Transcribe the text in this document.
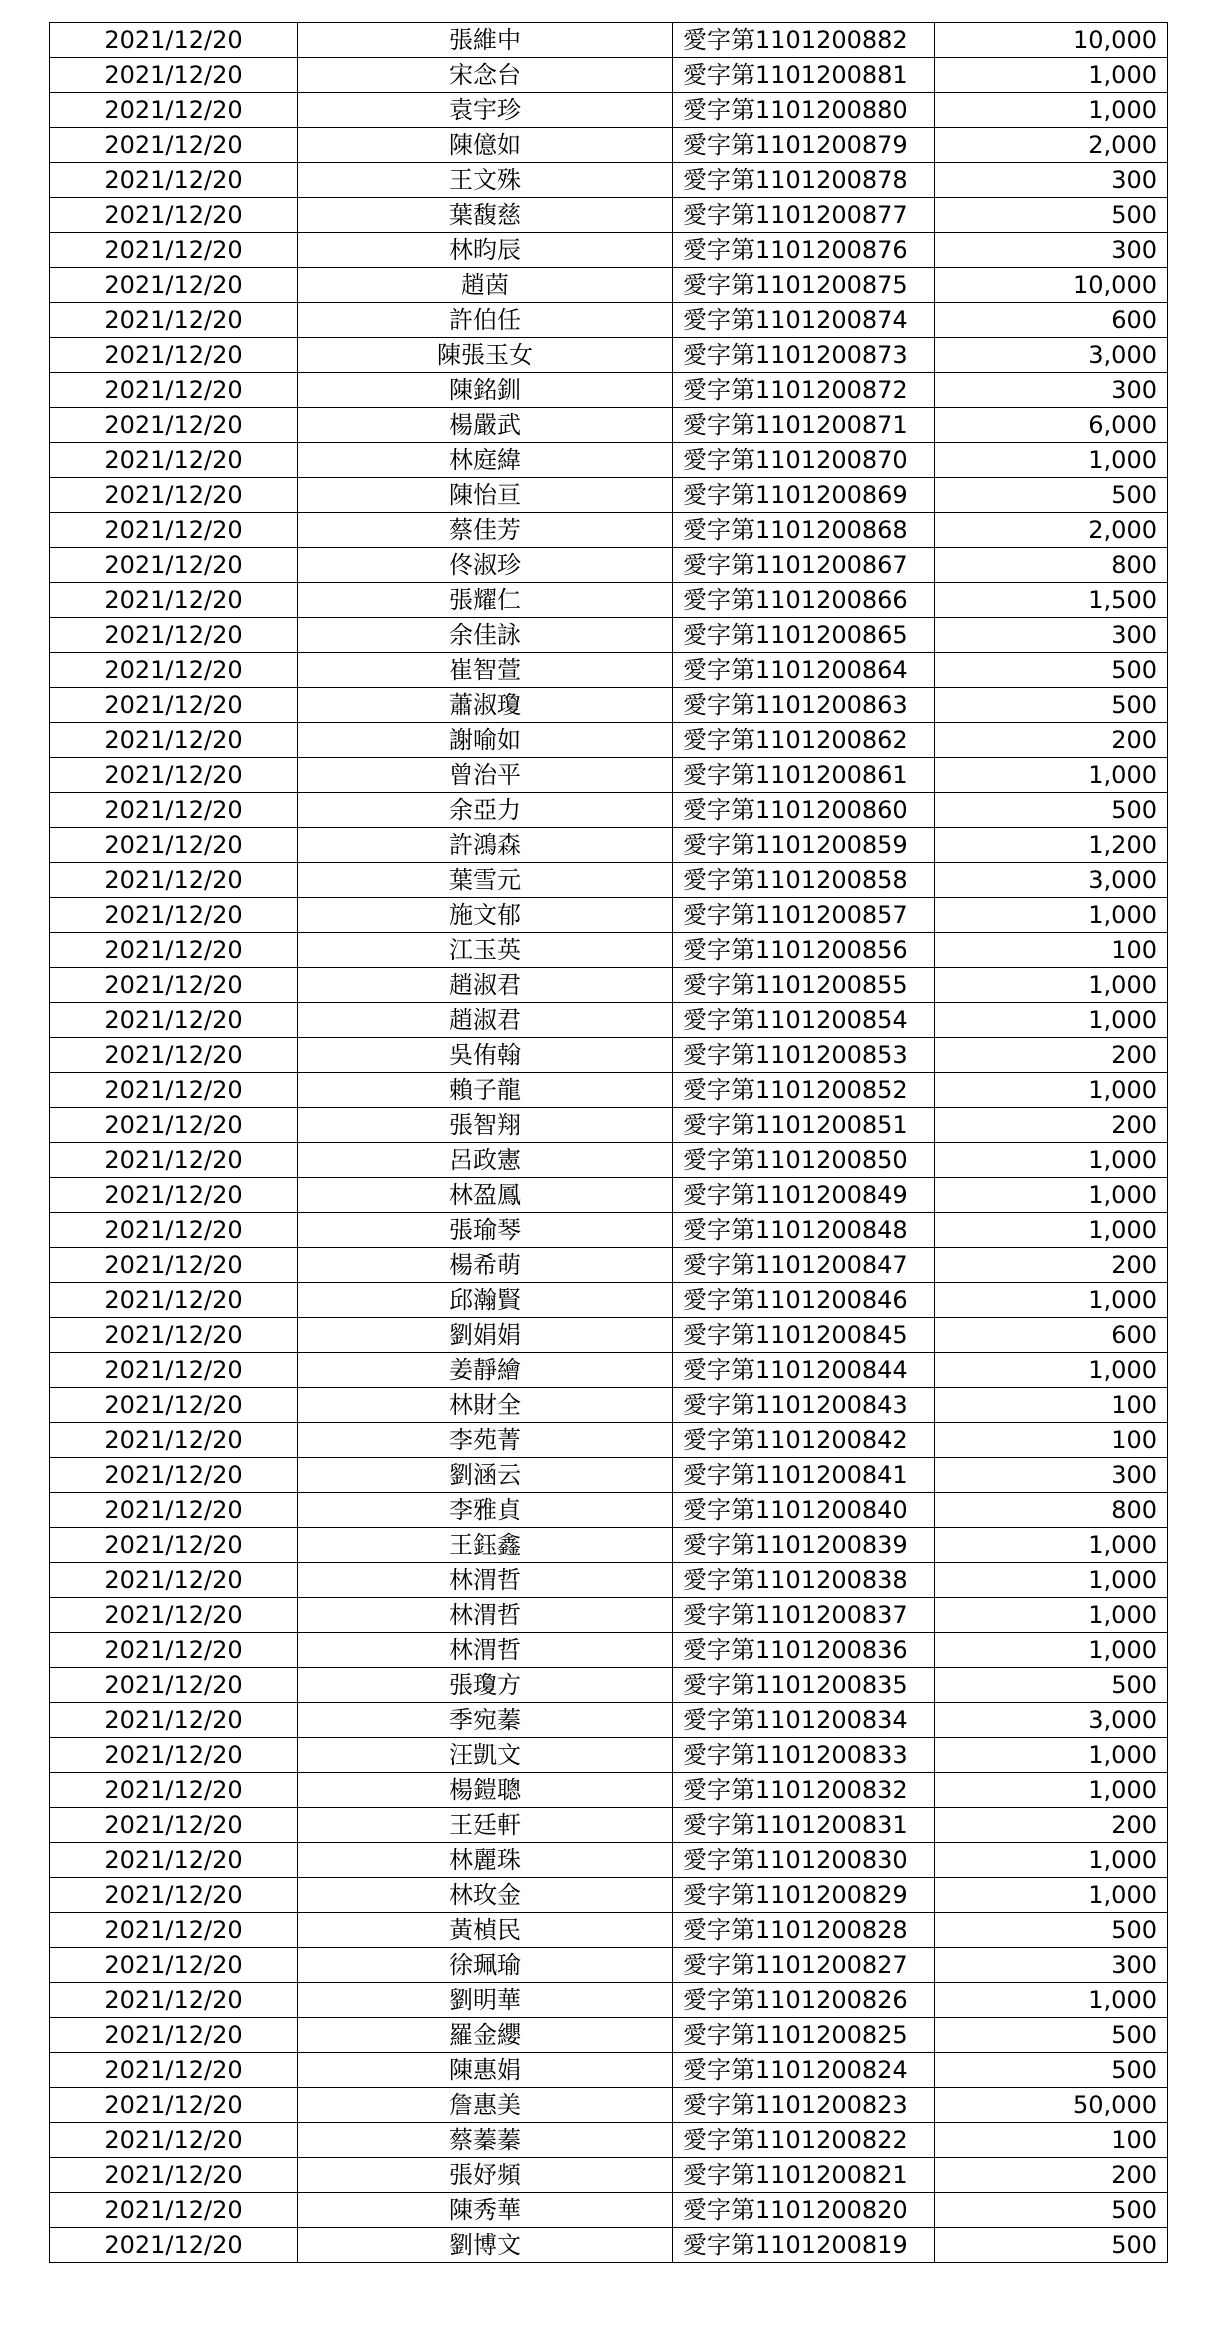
2021/12/20	張維中	愛字第1101200882	10,000
2021/12/20	宋念台	愛字第1101200881	1,000
2021/12/20	袁宇珍	愛字第1101200880	1,000
2021/12/20	陳億如	愛字第1101200879	2,000
2021/12/20	王文殊	愛字第1101200878	300
2021/12/20	葉馥慈	愛字第1101200877	500
2021/12/20	林昀辰	愛字第1101200876	300
2021/12/20	趙茵	愛字第1101200875	10,000
2021/12/20	許伯任	愛字第1101200874	600
2021/12/20	陳張玉女	愛字第1101200873	3,000
2021/12/20	陳銘釧	愛字第1101200872	300
2021/12/20	楊嚴武	愛字第1101200871	6,000
2021/12/20	林庭緯	愛字第1101200870	1,000
2021/12/20	陳怡亘	愛字第1101200869	500
2021/12/20	蔡佳芳	愛字第1101200868	2,000
2021/12/20	佟淑珍	愛字第1101200867	800
2021/12/20	張耀仁	愛字第1101200866	1,500
2021/12/20	余佳詠	愛字第1101200865	300
2021/12/20	崔智萱	愛字第1101200864	500
2021/12/20	蕭淑瓊	愛字第1101200863	500
2021/12/20	謝喻如	愛字第1101200862	200
2021/12/20	曾治平	愛字第1101200861	1,000
2021/12/20	余亞力	愛字第1101200860	500
2021/12/20	許鴻森	愛字第1101200859	1,200
2021/12/20	葉雪元	愛字第1101200858	3,000
2021/12/20	施文郁	愛字第1101200857	1,000
2021/12/20	江玉英	愛字第1101200856	100
2021/12/20	趙淑君	愛字第1101200855	1,000
2021/12/20	趙淑君	愛字第1101200854	1,000
2021/12/20	吳侑翰	愛字第1101200853	200
2021/12/20	賴子龍	愛字第1101200852	1,000
2021/12/20	張智翔	愛字第1101200851	200
2021/12/20	呂政憲	愛字第1101200850	1,000
2021/12/20	林盈鳳	愛字第1101200849	1,000
2021/12/20	張瑜琴	愛字第1101200848	1,000
2021/12/20	楊希萌	愛字第1101200847	200
2021/12/20	邱瀚賢	愛字第1101200846	1,000
2021/12/20	劉娟娟	愛字第1101200845	600
2021/12/20	姜靜繪	愛字第1101200844	1,000
2021/12/20	林財全	愛字第1101200843	100
2021/12/20	李苑菁	愛字第1101200842	100
2021/12/20	劉涵云	愛字第1101200841	300
2021/12/20	李雅貞	愛字第1101200840	800
2021/12/20	王鈺鑫	愛字第1101200839	1,000
2021/12/20	林渭哲	愛字第1101200838	1,000
2021/12/20	林渭哲	愛字第1101200837	1,000
2021/12/20	林渭哲	愛字第1101200836	1,000
2021/12/20	張瓊方	愛字第1101200835	500
2021/12/20	季宛蓁	愛字第1101200834	3,000
2021/12/20	汪凱文	愛字第1101200833	1,000
2021/12/20	楊鎧聰	愛字第1101200832	1,000
2021/12/20	王廷軒	愛字第1101200831	200
2021/12/20	林麗珠	愛字第1101200830	1,000
2021/12/20	林玫金	愛字第1101200829	1,000
2021/12/20	黃楨民	愛字第1101200828	500
2021/12/20	徐珮瑜	愛字第1101200827	300
2021/12/20	劉明華	愛字第1101200826	1,000
2021/12/20	羅金纓	愛字第1101200825	500
2021/12/20	陳惠娟	愛字第1101200824	500
2021/12/20	詹惠美	愛字第1101200823	50,000
2021/12/20	蔡蓁蓁	愛字第1101200822	100
2021/12/20	張妤頻	愛字第1101200821	200
2021/12/20	陳秀華	愛字第1101200820	500
2021/12/20	劉博文	愛字第1101200819	500
